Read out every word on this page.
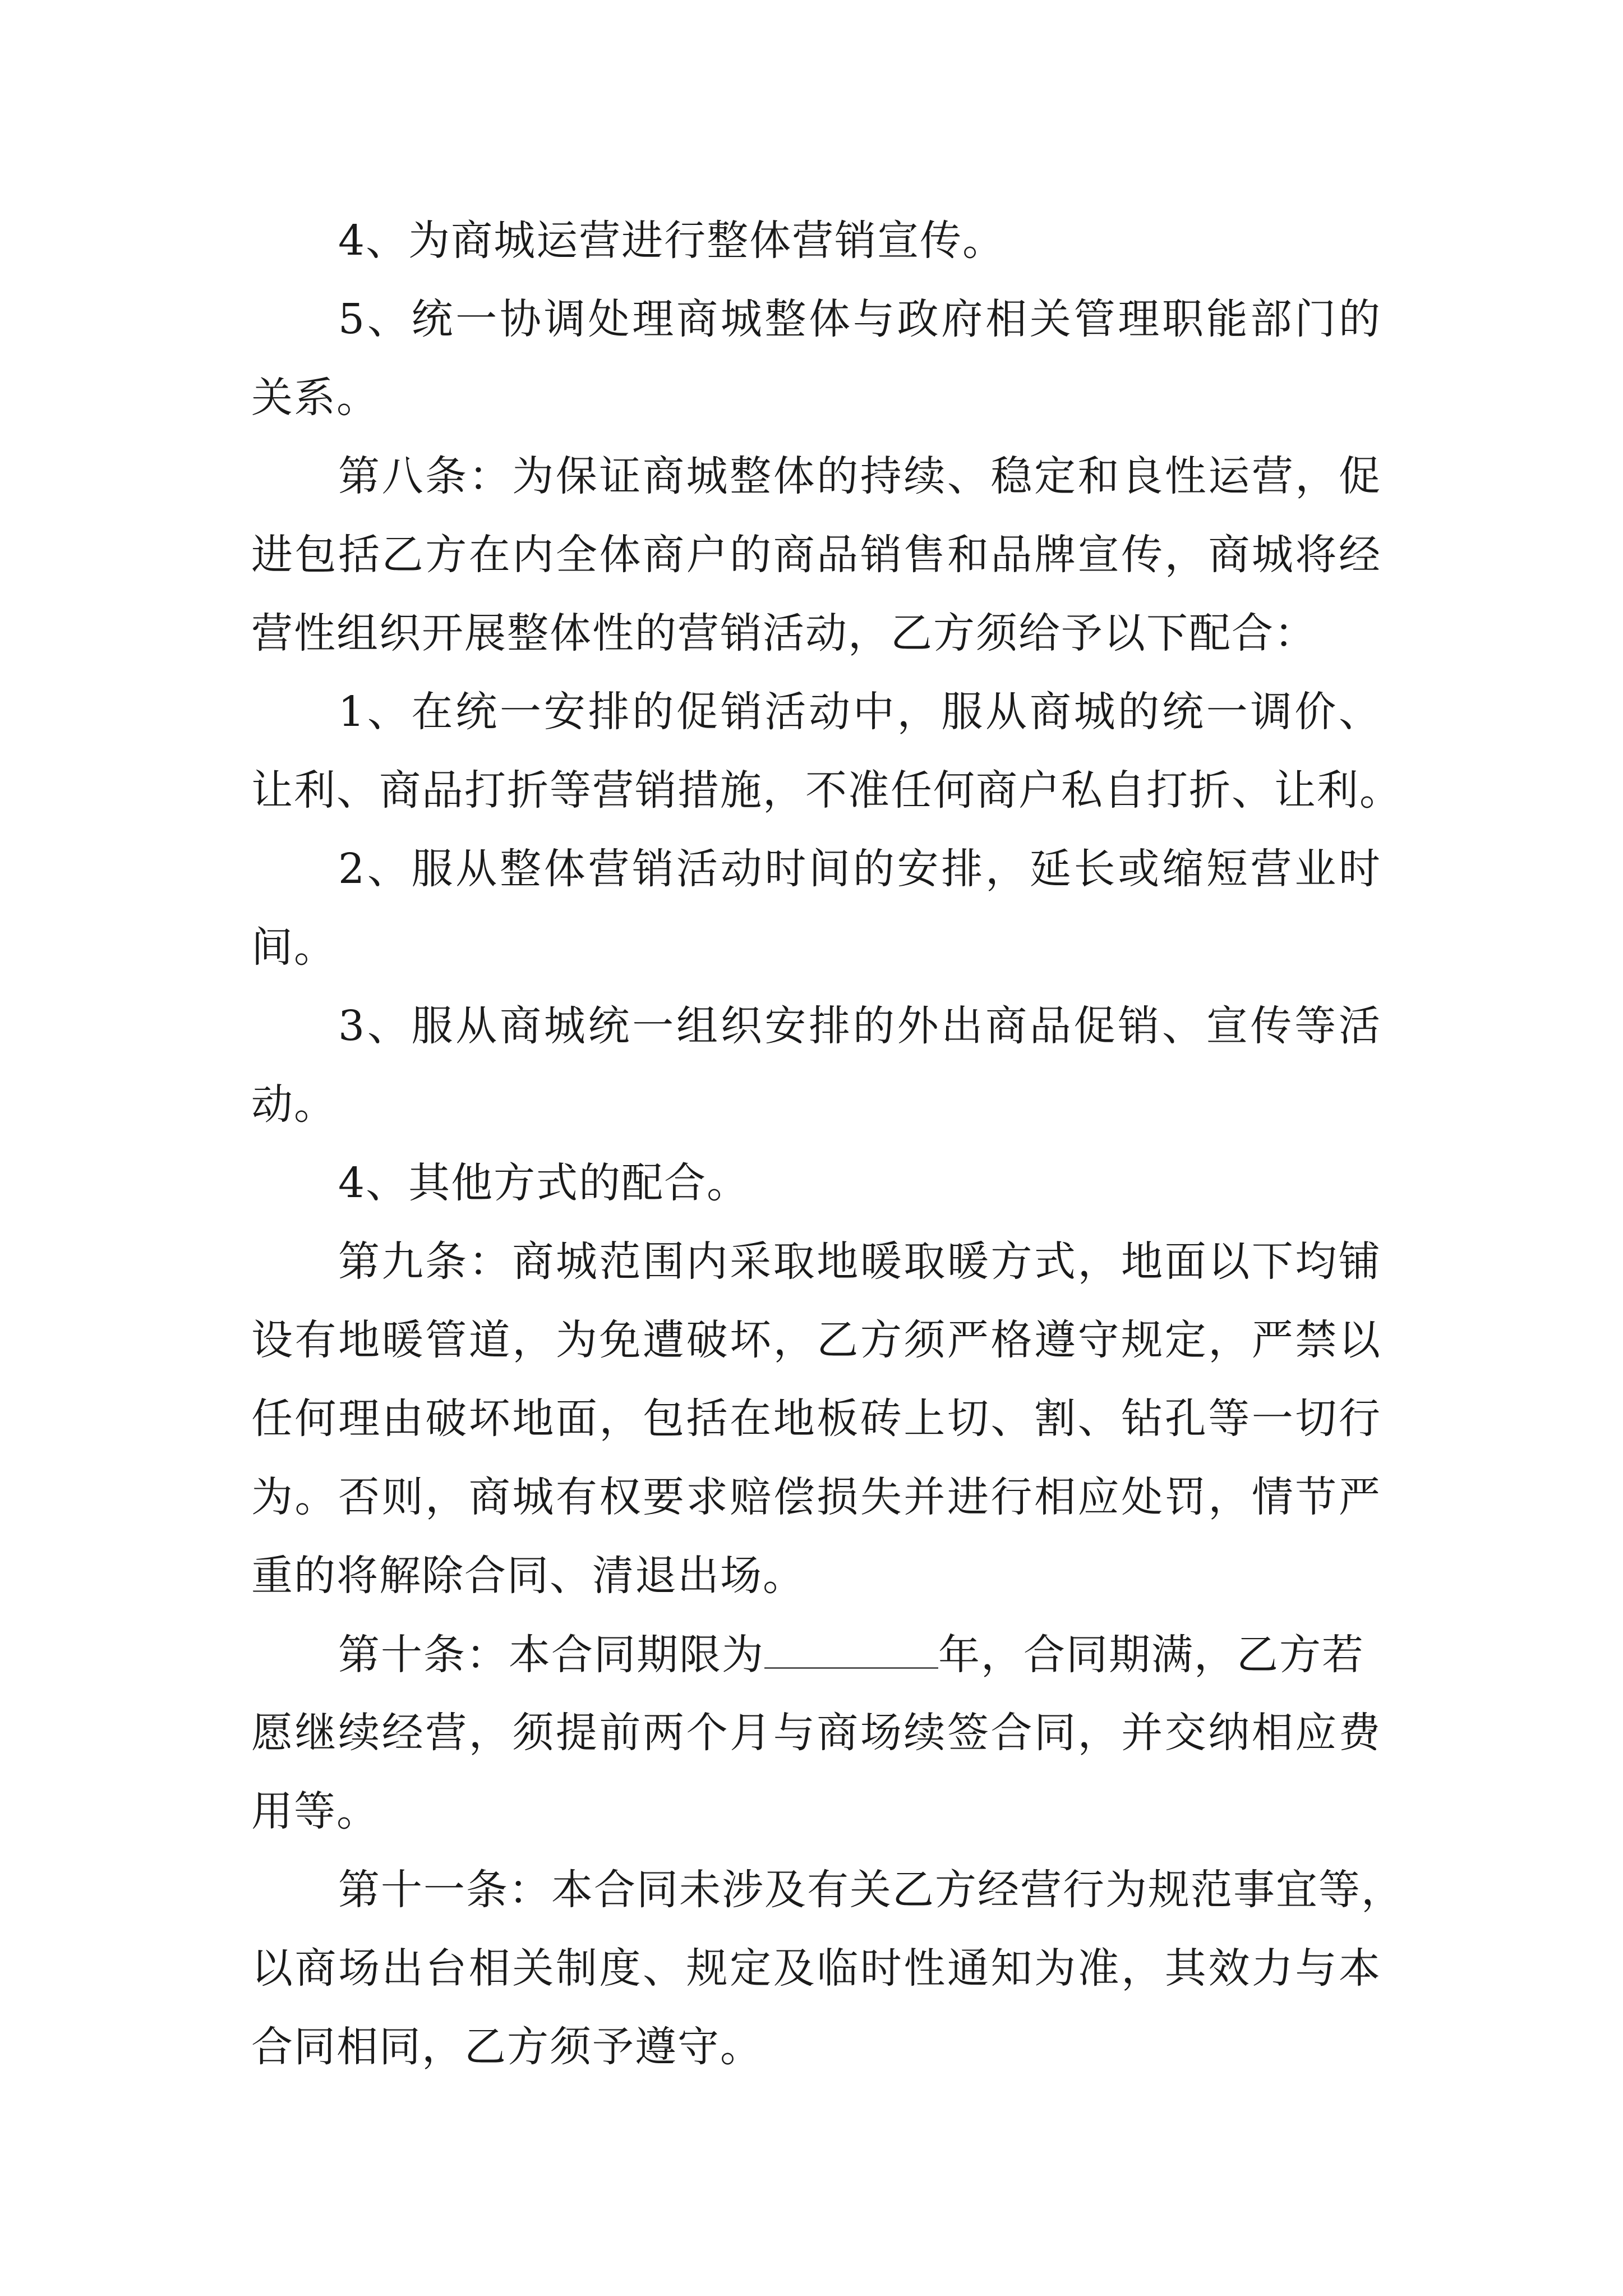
4、为商城运营进行整体营销宣传。
5、统一协调处理商城整体与政府相关管理职能部门的
关系。
第八条：为保证商城整体的持续、稳定和良性运营，促
进包括乙方在内全体商户的商品销售和品牌宣传，商城将经
营性组织开展整体性的营销活动，乙方须给予以下配合：
1、在统一安排的促销活动中，服从商城的统一调价、
让利、商品打折等营销措施，不准任何商户私自打折、让利。
2、服从整体营销活动时间的安排，延长或缩短营业时
间。
3、服从商城统一组织安排的外出商品促销、宣传等活
动。
4、其他方式的配合。
第九条：商城范围内采取地暖取暖方式，地面以下均铺
设有地暖管道，为免遭破坏，乙方须严格遵守规定，严禁以
任何理由破坏地面，包括在地板砖上切、割、钻孔等一切行
为。否则，商城有权要求赔偿损失并进行相应处罚，情节严
重的将解除合同、清退出场。
第十条：本合同期限为	年，合同期满，乙方若
愿继续经营，须提前两个月与商场续签合同，并交纳相应费
用等。
第十一条：本合同未涉及有关乙方经营行为规范事宜等，
以商场出台相关制度、规定及临时性通知为准，其效力与本
合同相同，乙方须予遵守。
